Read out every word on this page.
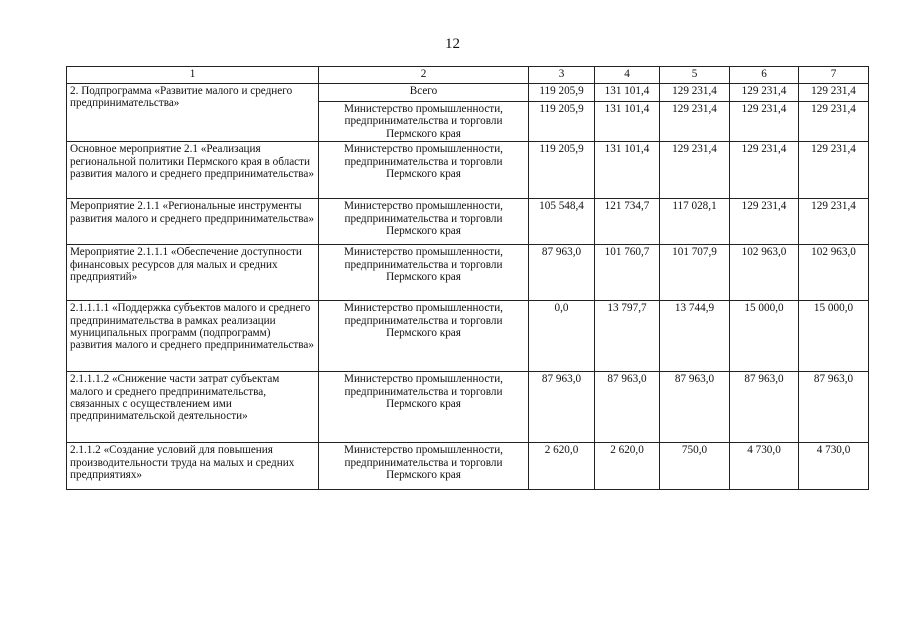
12
1	2	3	4	5	6	7
2. Подпрограмма «Развитие малого и среднего предпринимательства»	Всего	119 205,9	131 101,4	129 231,4	129 231,4	129 231,4
	Министерство промышленности, предпринимательства и торговли Пермского края	119 205,9	131 101,4	129 231,4	129 231,4	129 231,4
Основное мероприятие 2.1 «Реализация региональной политики Пермского края в области развития малого и среднего предпринимательства»	Министерство промышленности, предпринимательства и торговли Пермского края	119 205,9	131 101,4	129 231,4	129 231,4	129 231,4
Мероприятие 2.1.1 «Региональные инструменты развития малого и среднего предпринимательства»	Министерство промышленности, предпринимательства и торговли Пермского края	105 548,4	121 734,7	117 028,1	129 231,4	129 231,4
Мероприятие 2.1.1.1 «Обеспечение доступности финансовых ресурсов для малых и средних предприятий»	Министерство промышленности, предпринимательства и торговли Пермского края	87 963,0	101 760,7	101 707,9	102 963,0	102 963,0
2.1.1.1.1 «Поддержка субъектов малого и среднего предпринимательства в рамках реализации муниципальных программ (подпрограмм) развития малого и среднего предпринимательства»	Министерство промышленности, предпринимательства и торговли Пермского края	0,0	13 797,7	13 744,9	15 000,0	15 000,0
2.1.1.1.2 «Снижение части затрат субъектам малого и среднего предпринимательства, связанных с осуществлением ими предпринимательской деятельности»	Министерство промышленности, предпринимательства и торговли Пермского края	87 963,0	87 963,0	87 963,0	87 963,0	87 963,0
2.1.1.2 «Создание условий для повышения производительности труда на малых и средних предприятиях»	Министерство промышленности, предпринимательства и торговли Пермского края	2 620,0	2 620,0	750,0	4 730,0	4 730,0
